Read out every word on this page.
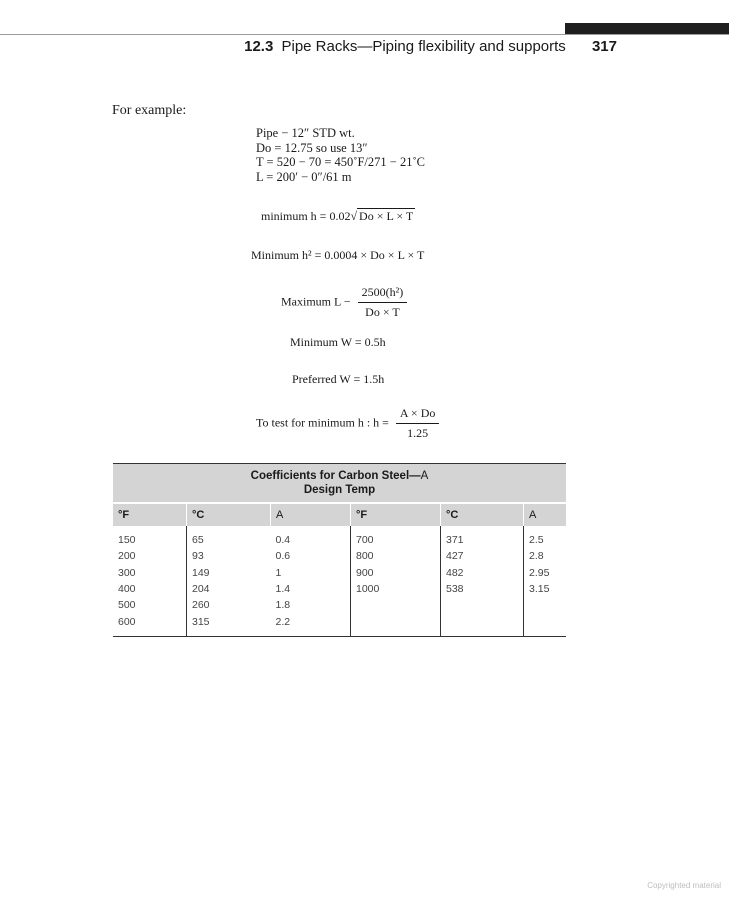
12.3 Pipe Racks—Piping flexibility and supports 317
For example:
Pipe − 12″ STD wt.
Do = 12.75 so use 13″
T = 520 − 70 = 450˚F/271 − 21˚C
L = 200′ − 0″/61 m
minimum h = 0.02√ Do × L × T
Minimum h² = 0.0004 × Do × L × T
Maximum $L - \frac{\text{2500(h²)}}{Do \times T}$
Minimum W = 0.5h
Preferred W = 1.5h
To test for minimum h : $h = \frac{A \times Do}{1.25}$
Coefficients for Carbon Steel—A
Design Temp					
°F	°C	A	°F	°C	A
150	65	0.4	700	371	2.5
200	93	0.6	800	427	2.8
300	149	1	900	482	2.95
400	204	1.4	1000	538	3.15
500	260	1.8			
600	315	2.2			
Copyrighted material
